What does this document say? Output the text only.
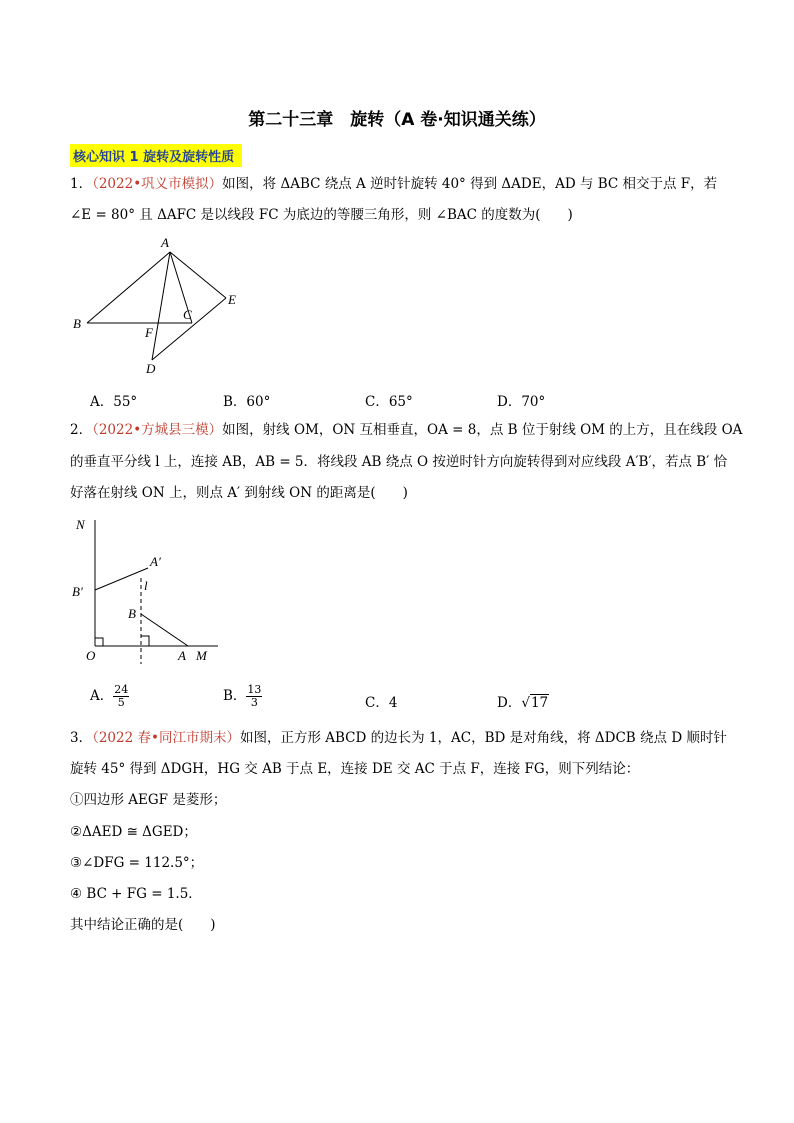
第二十三章　旋转（A 卷·知识通关练）
核心知识 1 旋转及旋转性质
1．（2022•巩义市模拟）如图，将 ΔABC 绕点 A 逆时针旋转 40° 得到 ΔADE，AD 与 BC 相交于点 F，若
∠E = 80° 且 ΔAFC 是以线段 FC 为底边的等腰三角形，则 ∠BAC 的度数为(　　)
A
B
C
D
E
F
A．55°	B．60°	C．65°	D．70°
2．（2022•方城县三模）如图，射线 OM，ON 互相垂直，OA = 8，点 B 位于射线 OM 的上方，且在线段 OA
的垂直平分线 l 上，连接 AB，AB = 5．将线段 AB 绕点 O 按逆时针方向旋转得到对应线段 A′B′，若点 B′ 恰
好落在射线 ON 上，则点 A′ 到射线 ON 的距离是(　　)
N
A′
B′	l
B
O	A M
A． $\frac{24}{5}$	B． $\frac{13}{3}$	C．4	D．√17
3．（2022 春•同江市期末）如图，正方形 ABCD 的边长为 1，AC，BD 是对角线，将 ΔDCB 绕点 D 顺时针
旋转 45° 得到 ΔDGH，HG 交 AB 于点 E，连接 DE 交 AC 于点 F，连接 FG，则下列结论：
①四边形 AEGF 是菱形；
②ΔAED ≅ ΔGED；
③∠DFG = 112.5°；
④ BC + FG = 1.5．
其中结论正确的是(　　)
